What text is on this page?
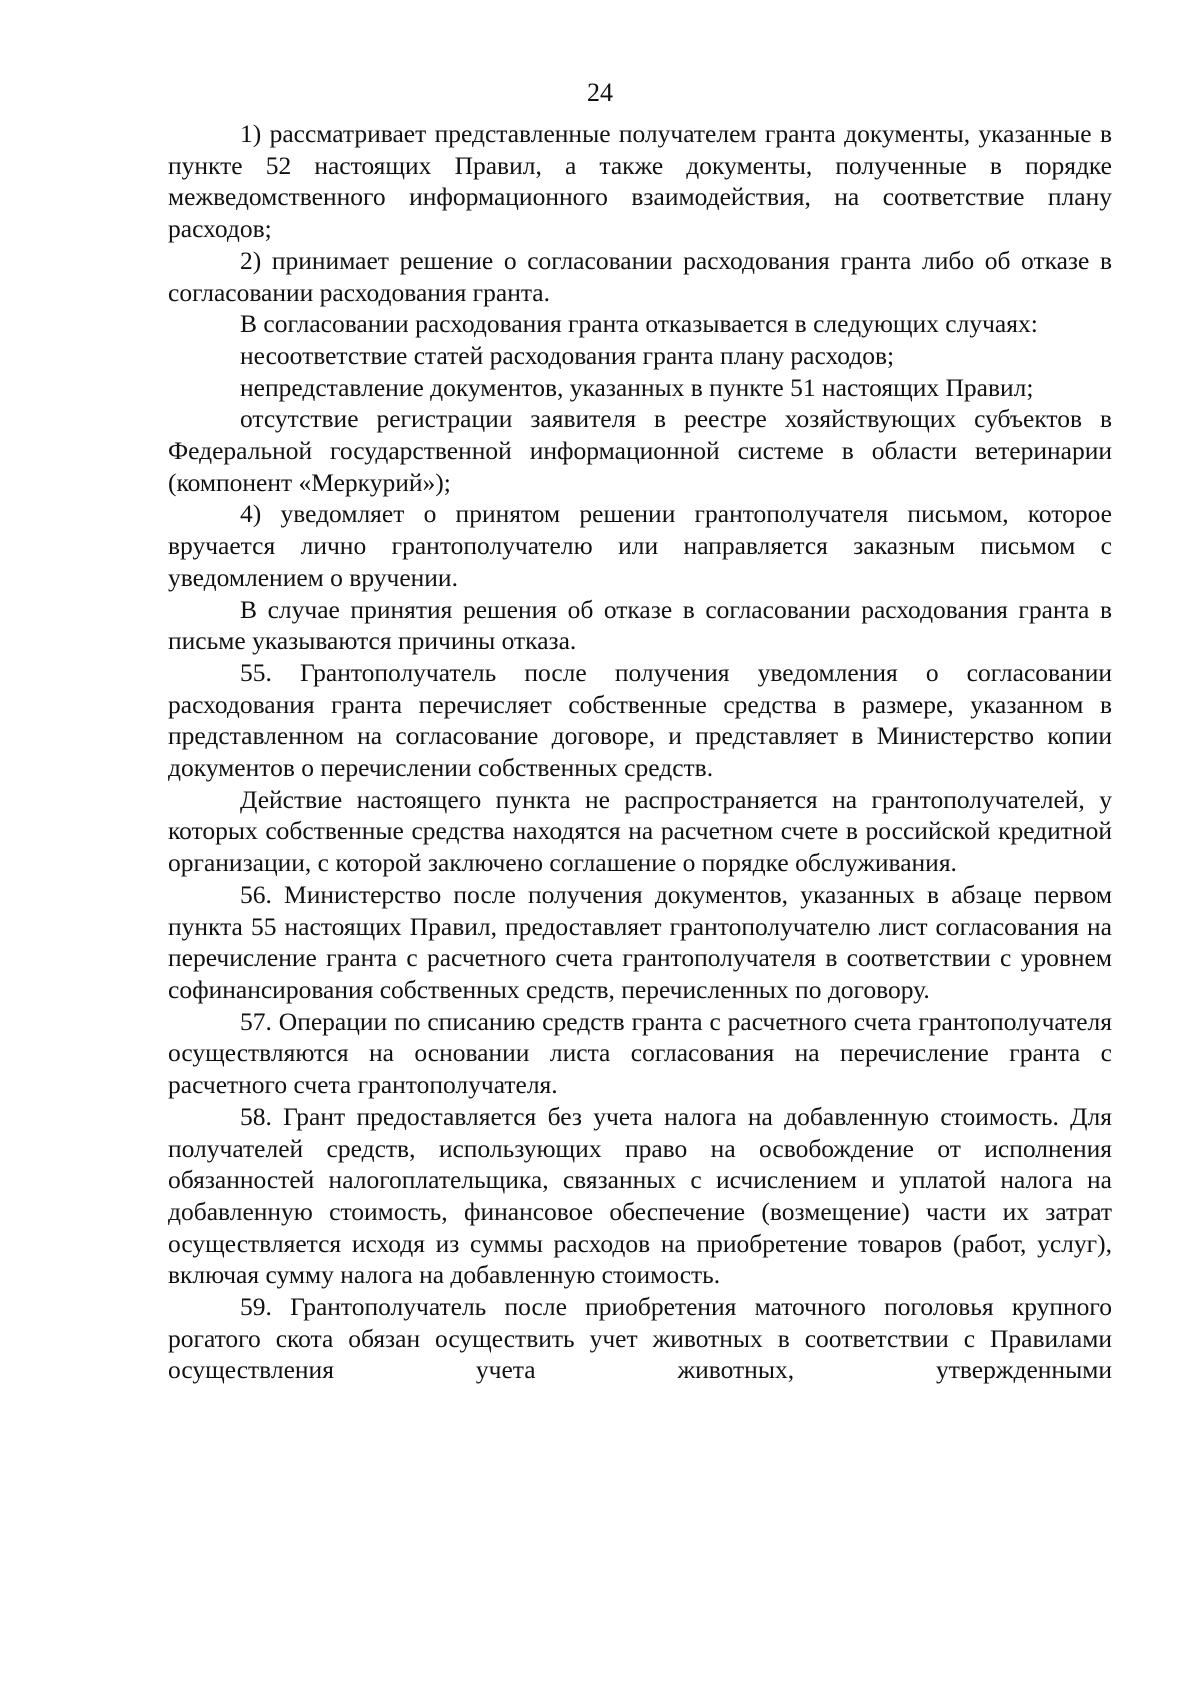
24

1) рассматривает представленные получателем гранта документы, указанные в пункте 52 настоящих Правил, а также документы, полученные в порядке межведомственного информационного взаимодействия, на соответствие плану расходов;

2) принимает решение о согласовании расходования гранта либо об отказе в согласовании расходования гранта.

В согласовании расходования гранта отказывается в следующих случаях:

несоответствие статей расходования гранта плану расходов;

непредставление документов, указанных в пункте 51 настоящих Правил;

отсутствие регистрации заявителя в реестре хозяйствующих субъектов в Федеральной государственной информационной системе в области ветеринарии (компонент «Меркурий»);

4) уведомляет о принятом решении грантополучателя письмом, которое вручается лично грантополучателю или направляется заказным письмом с уведомлением о вручении.

В случае принятия решения об отказе в согласовании расходования гранта в письме указываются причины отказа.

55. Грантополучатель после получения уведомления о согласовании расходования гранта перечисляет собственные средства в размере, указанном в представленном на согласование договоре, и представляет в Министерство копии документов о перечислении собственных средств.

Действие настоящего пункта не распространяется на грантополучателей, у которых собственные средства находятся на расчетном счете в российской кредитной организации, с которой заключено соглашение о порядке обслуживания.

56. Министерство после получения документов, указанных в абзаце первом пункта 55 настоящих Правил, предоставляет грантополучателю лист согласования на перечисление гранта с расчетного счета грантополучателя в соответствии с уровнем софинансирования собственных средств, перечисленных по договору.

57. Операции по списанию средств гранта с расчетного счета грантополучателя осуществляются на основании листа согласования на перечисление гранта с расчетного счета грантополучателя.

58. Грант предоставляется без учета налога на добавленную стоимость. Для получателей средств, использующих право на освобождение от исполнения обязанностей налогоплательщика, связанных с исчислением и уплатой налога на добавленную стоимость, финансовое обеспечение (возмещение) части их затрат осуществляется исходя из суммы расходов на приобретение товаров (работ, услуг), включая сумму налога на добавленную стоимость.

59. Грантополучатель после приобретения маточного поголовья крупного рогатого скота обязан осуществить учет животных в соответствии с Правилами осуществления учета животных, утвержденными
